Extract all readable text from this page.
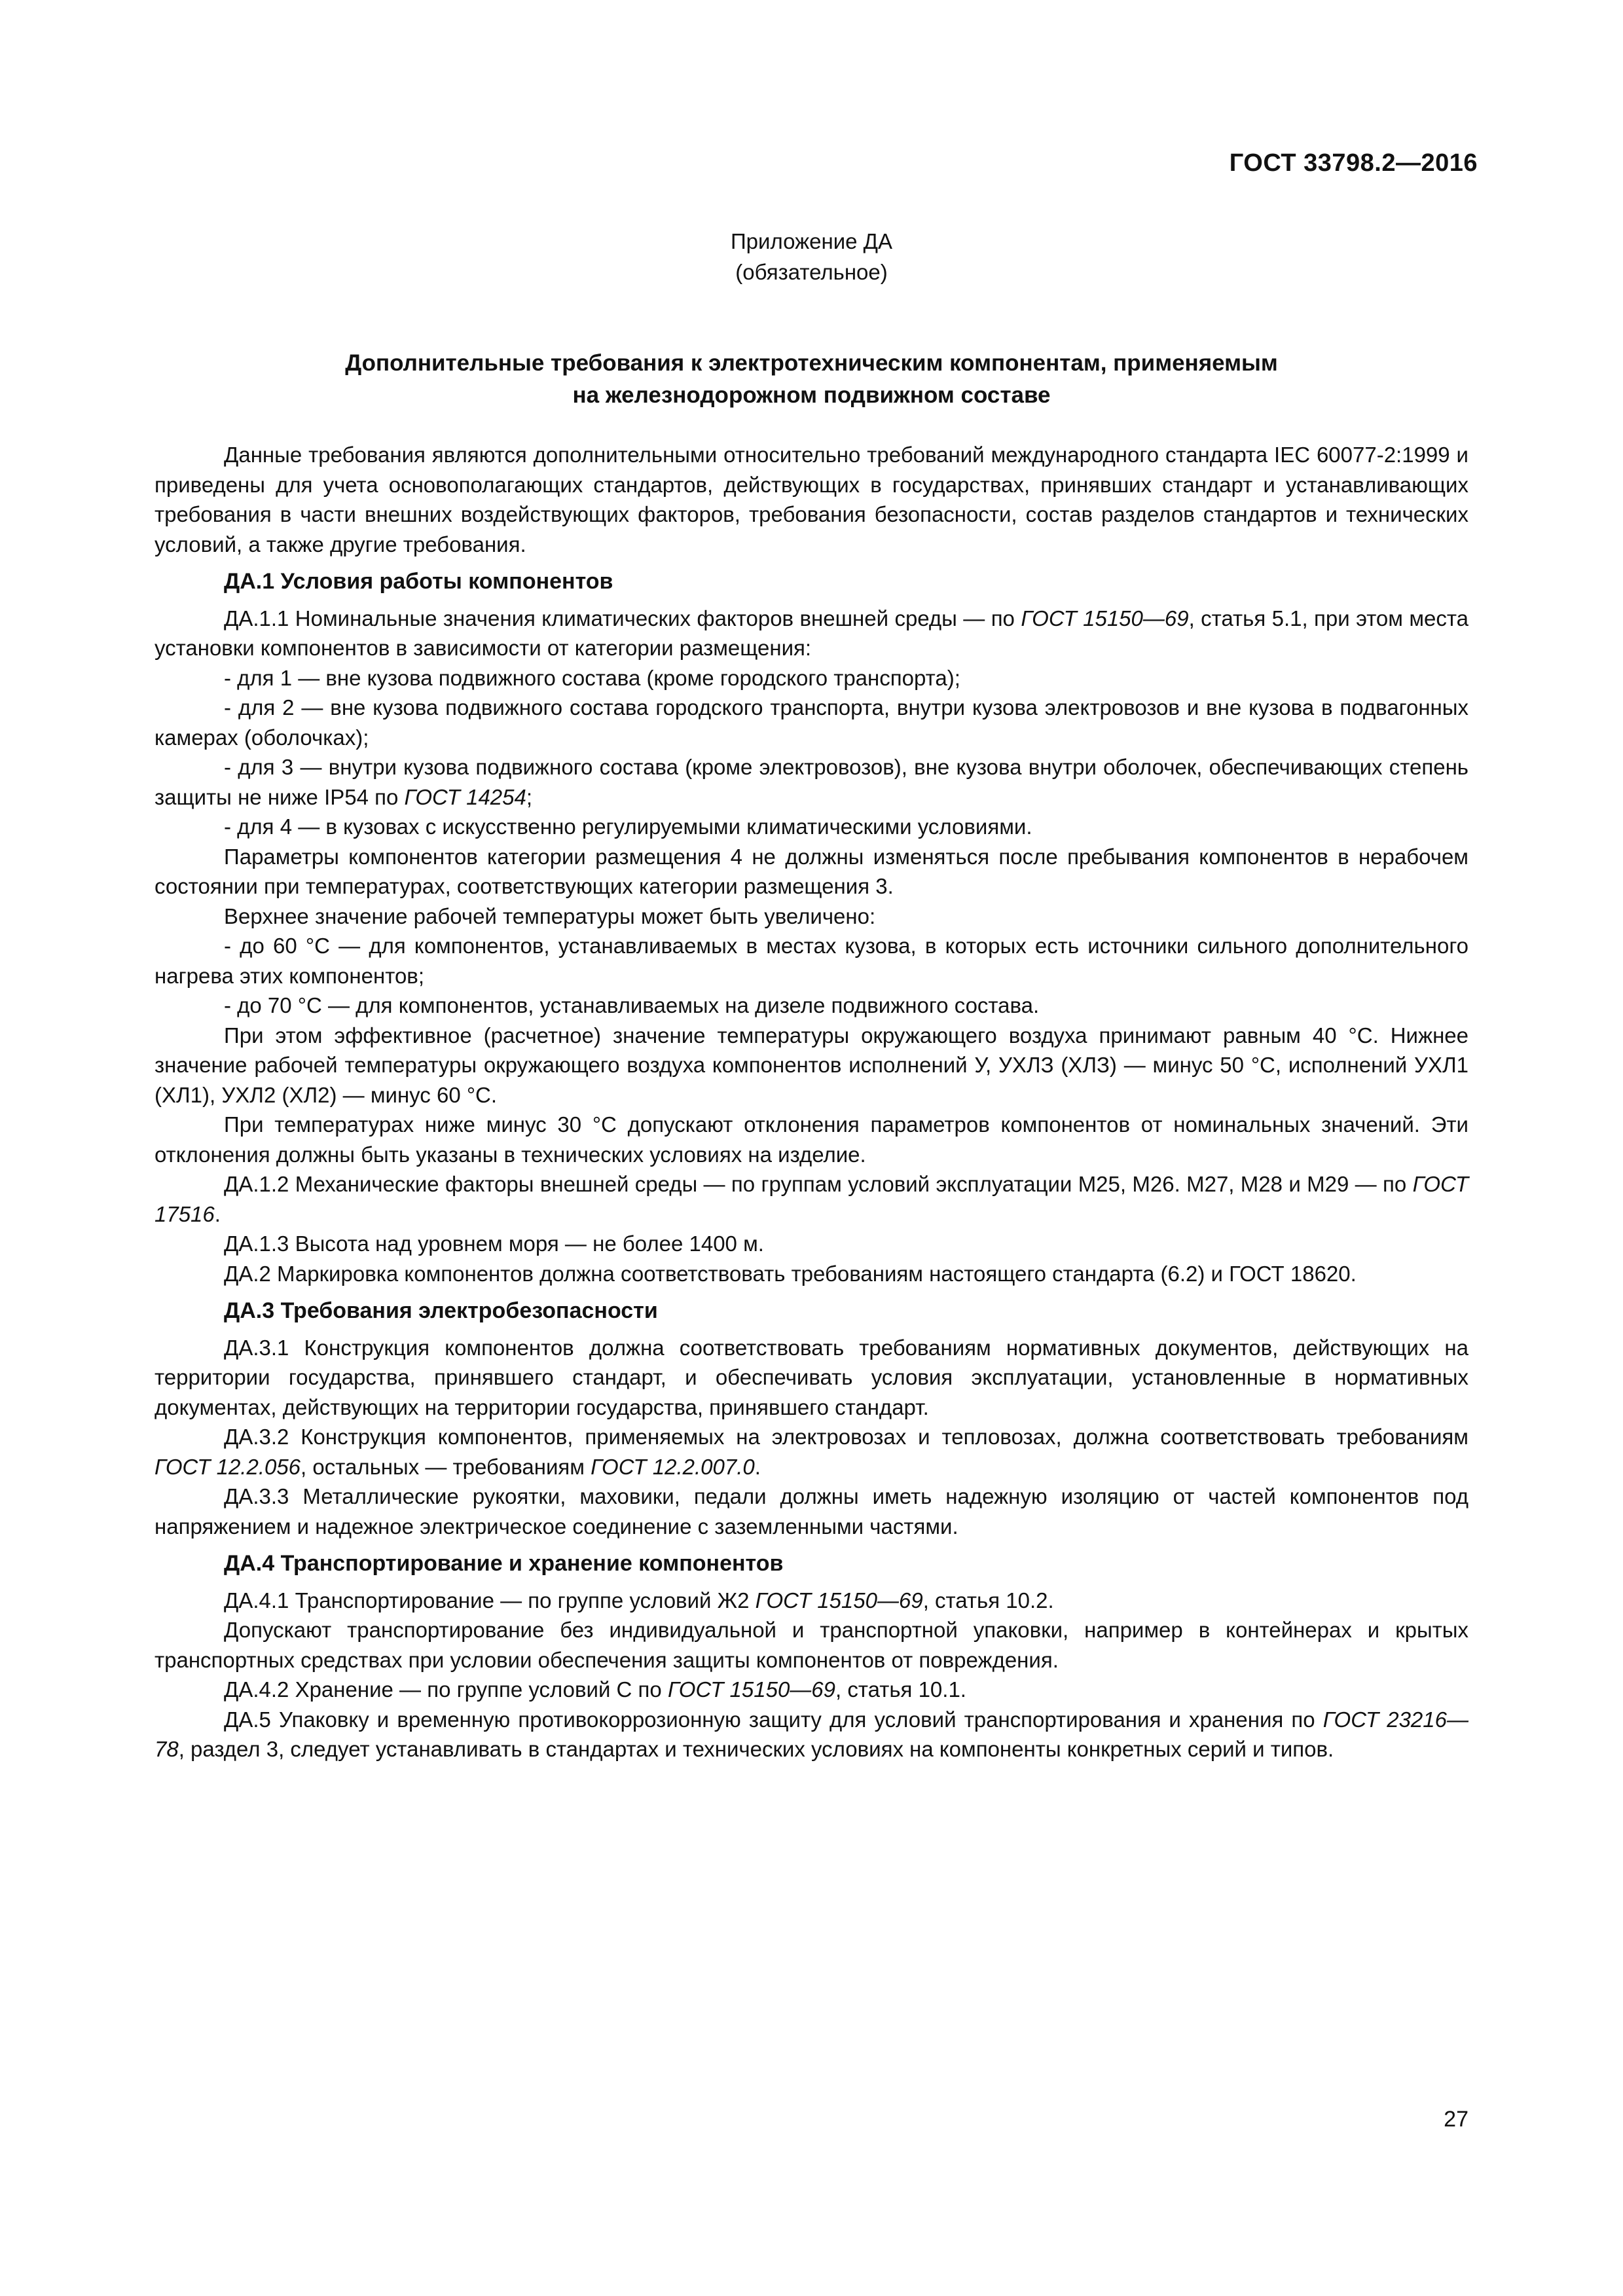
ГОСТ 33798.2—2016
Приложение ДА
(обязательное)
Дополнительные требования к электротехническим компонентам, применяемым
на железнодорожном подвижном составе

Данные требования являются дополнительными относительно требований международного стандарта IEC 60077-2:1999 и приведены для учета основополагающих стандартов, действующих в государствах, принявших стандарт и устанавливающих требования в части внешних воздействующих факторов, требования безопасности, состав разделов стандартов и технических условий, а также другие требования.

ДА.1 Условия работы компонентов

ДА.1.1 Номинальные значения климатических факторов внешней среды — по ГОСТ 15150—69, статья 5.1, при этом места установки компонентов в зависимости от категории размещения:

- для 1 — вне кузова подвижного состава (кроме городского транспорта);

- для 2 — вне кузова подвижного состава городского транспорта, внутри кузова электровозов и вне кузова в подвагонных камерах (оболочках);

- для 3 — внутри кузова подвижного состава (кроме электровозов), вне кузова внутри оболочек, обеспечивающих степень защиты не ниже IP54 по ГОСТ 14254;

- для 4 — в кузовах с искусственно регулируемыми климатическими условиями.

Параметры компонентов категории размещения 4 не должны изменяться после пребывания компонентов в нерабочем состоянии при температурах, соответствующих категории размещения 3.

Верхнее значение рабочей температуры может быть увеличено:

- до 60 °С — для компонентов, устанавливаемых в местах кузова, в которых есть источники сильного дополнительного нагрева этих компонентов;

- до 70 °С — для компонентов, устанавливаемых на дизеле подвижного состава.

При этом эффективное (расчетное) значение температуры окружающего воздуха принимают равным 40 °С. Нижнее значение рабочей температуры окружающего воздуха компонентов исполнений У, УХЛЗ (ХЛЗ) — минус 50 °С, исполнений УХЛ1 (ХЛ1), УХЛ2 (ХЛ2) — минус 60 °С.

При температурах ниже минус 30 °С допускают отклонения параметров компонентов от номинальных значений. Эти отклонения должны быть указаны в технических условиях на изделие.

ДА.1.2 Механические факторы внешней среды — по группам условий эксплуатации М25, М26. М27, М28 и М29 — по ГОСТ 17516.

ДА.1.3 Высота над уровнем моря — не более 1400 м.

ДА.2 Маркировка компонентов должна соответствовать требованиям настоящего стандарта (6.2) и ГОСТ 18620.

ДА.3 Требования электробезопасности

ДА.3.1 Конструкция компонентов должна соответствовать требованиям нормативных документов, действующих на территории государства, принявшего стандарт, и обеспечивать условия эксплуатации, установленные в нормативных документах, действующих на территории государства, принявшего стандарт.

ДА.3.2 Конструкция компонентов, применяемых на электровозах и тепловозах, должна соответствовать требованиям ГОСТ 12.2.056, остальных — требованиям ГОСТ 12.2.007.0.

ДА.3.3 Металлические рукоятки, маховики, педали должны иметь надежную изоляцию от частей компонентов под напряжением и надежное электрическое соединение с заземленными частями.

ДА.4 Транспортирование и хранение компонентов

ДА.4.1 Транспортирование — по группе условий Ж2 ГОСТ 15150—69, статья 10.2.

Допускают транспортирование без индивидуальной и транспортной упаковки, например в контейнерах и крытых транспортных средствах при условии обеспечения защиты компонентов от повреждения.

ДА.4.2 Хранение — по группе условий С по ГОСТ 15150—69, статья 10.1.

ДА.5 Упаковку и временную противокоррозионную защиту для условий транспортирования и хранения по ГОСТ 23216—78, раздел 3, следует устанавливать в стандартах и технических условиях на компоненты конкретных серий и типов.

27
